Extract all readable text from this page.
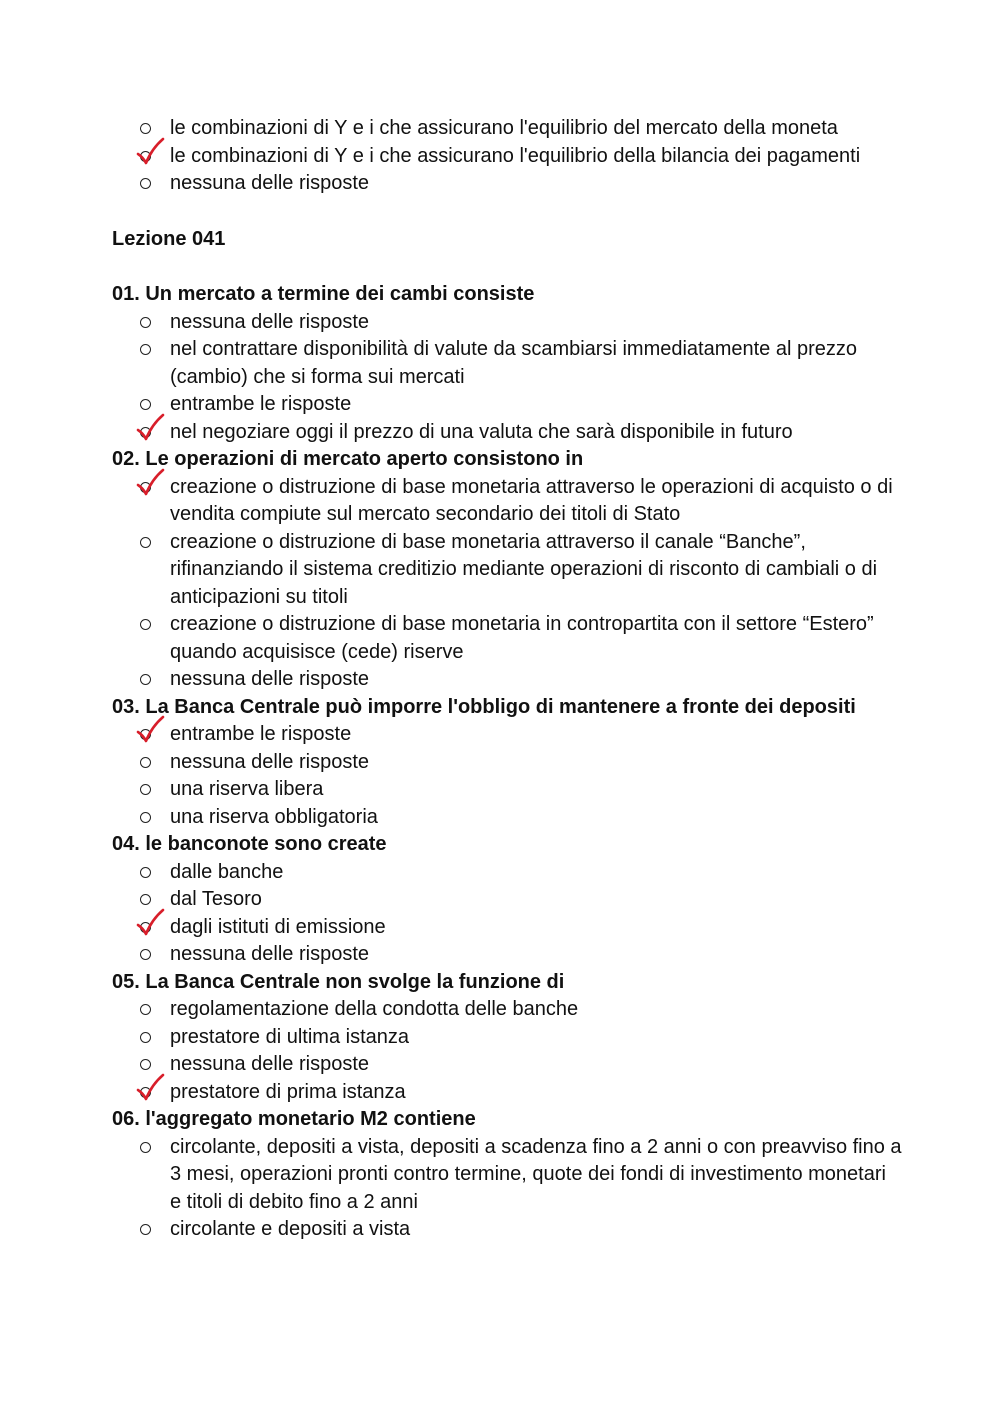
le combinazioni di Y e i che assicurano l'equilibrio del mercato della moneta
le combinazioni di Y e i che assicurano l'equilibrio della bilancia dei pagamenti
nessuna delle risposte
Lezione 041
01. Un mercato a termine dei cambi consiste
nessuna delle risposte
nel contrattare disponibilità di valute da scambiarsi immediatamente al prezzo (cambio) che si forma sui mercati
entrambe le risposte
nel negoziare oggi il prezzo di una valuta che sarà disponibile in futuro
02. Le operazioni di mercato aperto consistono in
creazione o distruzione di base monetaria attraverso le operazioni di acquisto o di vendita compiute sul mercato secondario dei titoli di Stato
creazione o distruzione di base monetaria attraverso il canale “Banche”, rifinanziando il sistema creditizio mediante operazioni di risconto di cambiali o di anticipazioni su titoli
creazione o distruzione di base monetaria in contropartita con il settore “Estero” quando acquisisce (cede) riserve
nessuna delle risposte
03. La Banca Centrale può imporre l'obbligo di mantenere a fronte dei depositi
entrambe le risposte
nessuna delle risposte
una riserva libera
una riserva obbligatoria
04. le banconote sono create
dalle banche
dal Tesoro
dagli istituti di emissione
nessuna delle risposte
05. La Banca Centrale non svolge la funzione di
regolamentazione della condotta delle banche
prestatore di ultima istanza
nessuna delle risposte
prestatore di prima istanza
06. l'aggregato monetario M2 contiene
circolante, depositi a vista, depositi a scadenza fino a 2 anni o con preavviso fino a 3 mesi, operazioni pronti contro termine, quote dei fondi di investimento monetari e titoli di debito fino a 2 anni
circolante e depositi a vista
